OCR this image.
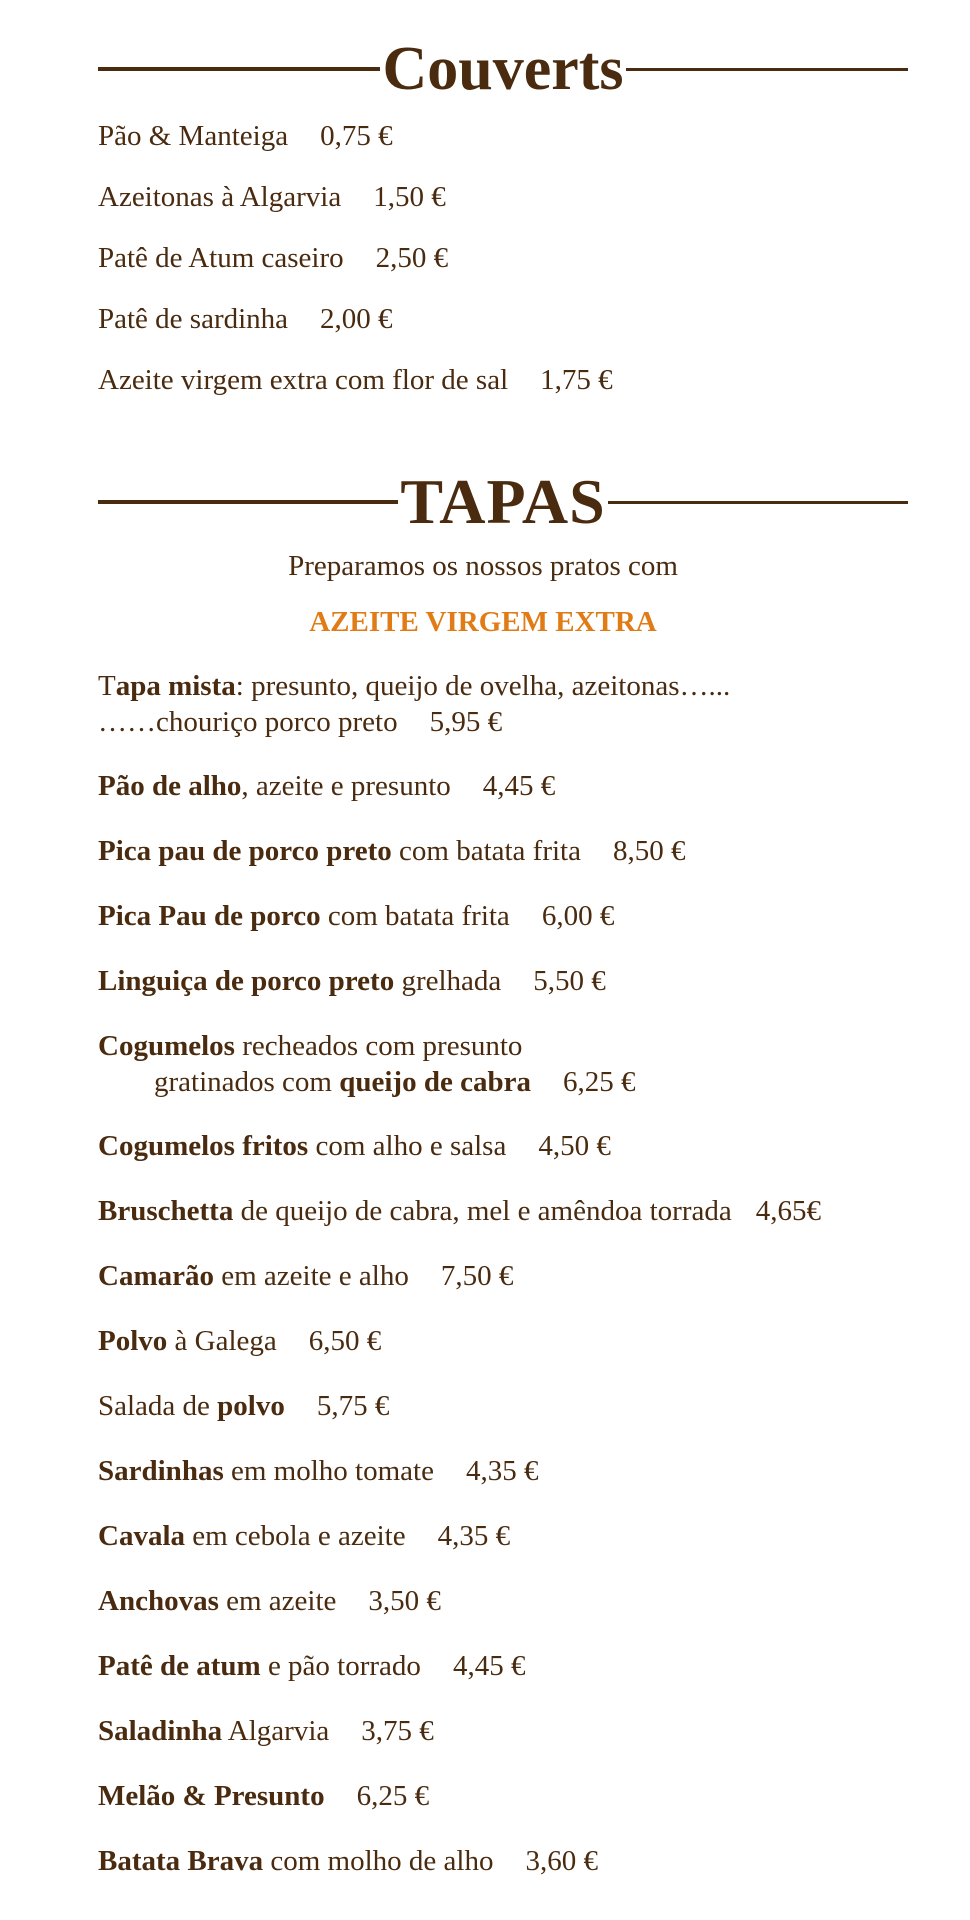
Couverts
Pão & Manteiga 0,75 €
Azeitonas à Algarvia 1,50 €
Patê de Atum caseiro 2,50 €
Patê de sardinha 2,00 €
Azeite virgem extra com flor de sal 1,75 €
TAPAS
Preparamos os nossos pratos com
AZEITE VIRGEM EXTRA
Tapa mista: presunto, queijo de ovelha, azeitonas…...
……chouriço porco preto 5,95 €
Pão de alho, azeite e presunto 4,45 €
Pica pau de porco preto com batata frita 8,50 €
Pica Pau de porco com batata frita 6,00 €
Linguiça de porco preto grelhada 5,50 €
Cogumelos recheados com presunto
gratinados com queijo de cabra 6,25 €
Cogumelos fritos com alho e salsa 4,50 €
Bruschetta de queijo de cabra, mel e amêndoa torrada 4,65€
Camarão em azeite e alho 7,50 €
Polvo à Galega 6,50 €
Salada de polvo 5,75 €
Sardinhas em molho tomate 4,35 €
Cavala em cebola e azeite 4,35 €
Anchovas em azeite 3,50 €
Patê de atum e pão torrado 4,45 €
Saladinha Algarvia 3,75 €
Melão & Presunto 6,25 €
Batata Brava com molho de alho 3,60 €
